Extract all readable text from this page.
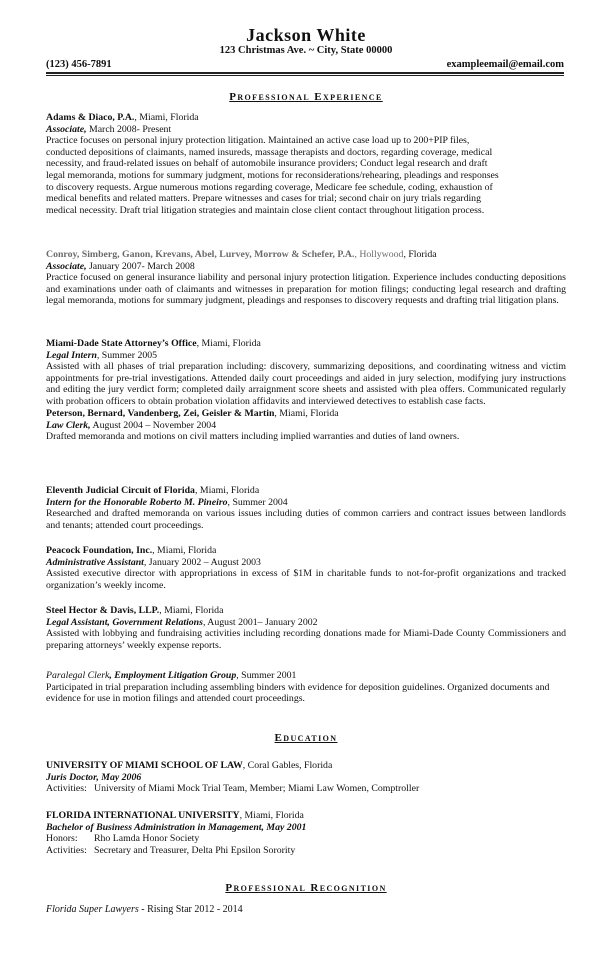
Jackson White
123 Christmas Ave. ~ City, State 00000
(123) 456-7891	exampleemail@email.com
Professional Experience
Adams & Diaco, P.A., Miami, Florida
Associate, March 2008- Present
Practice focuses on personal injury protection litigation. Maintained an active case load up to 200+PIP files,
conducted depositions of claimants, named insureds, massage therapists and doctors, regarding coverage, medical
necessity, and fraud-related issues on behalf of automobile insurance providers; Conduct legal research and draft
legal memoranda, motions for summary judgment, motions for reconsiderations/rehearing, pleadings and responses
to discovery requests. Argue numerous motions regarding coverage, Medicare fee schedule, coding, exhaustion of
medical benefits and related matters. Prepare witnesses and cases for trial; second chair on jury trials regarding
medical necessity. Draft trial litigation strategies and maintain close client contact throughout litigation process.
Conroy, Simberg, Ganon, Krevans, Abel, Lurvey, Morrow & Schefer, P.A., Hollywood, Florida
Associate, January 2007- March 2008
Practice focused on general insurance liability and personal injury protection litigation. Experience includes conducting depositions and examinations under oath of claimants and witnesses in preparation for motion filings; conducting legal research and drafting legal memoranda, motions for summary judgment, pleadings and responses to discovery requests and drafting trial litigation plans.
Miami-Dade State Attorney’s Office, Miami, Florida
Legal Intern, Summer 2005
Assisted with all phases of trial preparation including: discovery, summarizing depositions, and coordinating witness and victim appointments for pre-trial investigations. Attended daily court proceedings and aided in jury selection, modifying jury instructions and editing the jury verdict form; completed daily arraignment score sheets and assisted with plea offers. Communicated regularly with probation officers to obtain probation violation affidavits and interviewed detectives to establish case facts.
Peterson, Bernard, Vandenberg, Zei, Geisler & Martin, Miami, Florida
Law Clerk, August 2004 – November 2004
Drafted memoranda and motions on civil matters including implied warranties and duties of land owners.
Eleventh Judicial Circuit of Florida, Miami, Florida
Intern for the Honorable Roberto M. Pineiro, Summer 2004
Researched and drafted memoranda on various issues including duties of common carriers and contract issues between landlords and tenants; attended court proceedings.
Peacock Foundation, Inc., Miami, Florida
Administrative Assistant, January 2002 – August 2003
Assisted executive director with appropriations in excess of $1M in charitable funds to not-for-profit organizations and tracked organization’s weekly income.
Steel Hector & Davis, LLP., Miami, Florida
Legal Assistant, Government Relations, August 2001– January 2002
Assisted with lobbying and fundraising activities including recording donations made for Miami-Dade County Commissioners and preparing attorneys’ weekly expense reports.
Paralegal Clerk, Employment Litigation Group, Summer 2001
Participated in trial preparation including assembling binders with evidence for deposition guidelines. Organized documents and evidence for use in motion filings and attended court proceedings.
Education
UNIVERSITY OF MIAMI SCHOOL OF LAW, Coral Gables, Florida
Juris Doctor, May 2006
Activities: University of Miami Mock Trial Team, Member; Miami Law Women, Comptroller
FLORIDA INTERNATIONAL UNIVERSITY, Miami, Florida
Bachelor of Business Administration in Management, May 2001
Honors: Rho Lamda Honor Society
Activities: Secretary and Treasurer, Delta Phi Epsilon Sorority
Professional Recognition
Florida Super Lawyers - Rising Star 2012 - 2014
